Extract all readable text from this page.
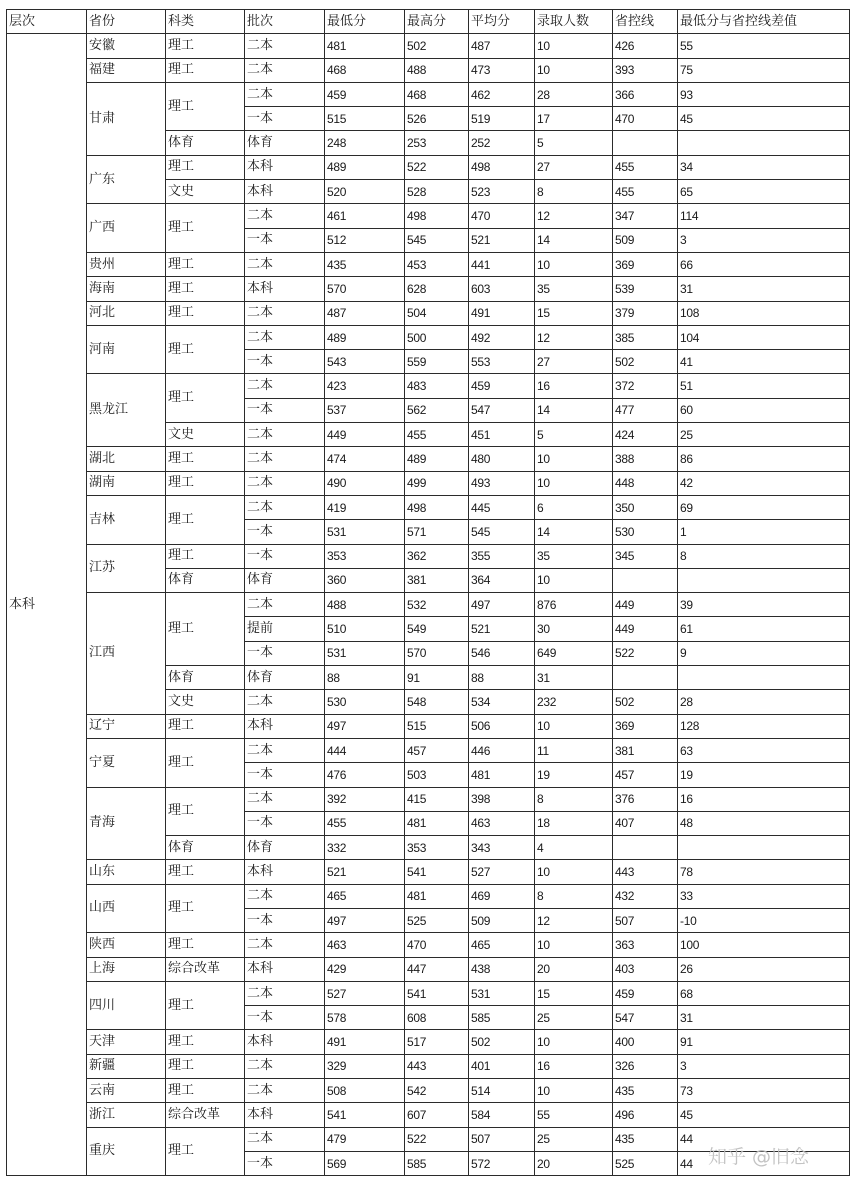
层次	省份	科类	批次	最低分	最高分	平均分	录取人数	省控线	最低分与省控线差值
本科	安徽	理工	二本	481	502	487	10	426	55
	福建	理工	二本	468	488	473	10	393	75
	甘肃	理工	二本	459	468	462	28	366	93
			一本	515	526	519	17	470	45
		体育	体育	248	253	252	5		
	广东	理工	本科	489	522	498	27	455	34
		文史	本科	520	528	523	8	455	65
	广西	理工	二本	461	498	470	12	347	114
			一本	512	545	521	14	509	3
	贵州	理工	二本	435	453	441	10	369	66
	海南	理工	本科	570	628	603	35	539	31
	河北	理工	二本	487	504	491	15	379	108
	河南	理工	二本	489	500	492	12	385	104
			一本	543	559	553	27	502	41
	黑龙江	理工	二本	423	483	459	16	372	51
			一本	537	562	547	14	477	60
		文史	二本	449	455	451	5	424	25
	湖北	理工	二本	474	489	480	10	388	86
	湖南	理工	二本	490	499	493	10	448	42
	吉林	理工	二本	419	498	445	6	350	69
			一本	531	571	545	14	530	1
	江苏	理工	一本	353	362	355	35	345	8
		体育	体育	360	381	364	10		
	江西	理工	二本	488	532	497	876	449	39
			提前	510	549	521	30	449	61
			一本	531	570	546	649	522	9
		体育	体育	88	91	88	31		
		文史	二本	530	548	534	232	502	28
	辽宁	理工	本科	497	515	506	10	369	128
	宁夏	理工	二本	444	457	446	11	381	63
			一本	476	503	481	19	457	19
	青海	理工	二本	392	415	398	8	376	16
			一本	455	481	463	18	407	48
		体育	体育	332	353	343	4		
	山东	理工	本科	521	541	527	10	443	78
	山西	理工	二本	465	481	469	8	432	33
			一本	497	525	509	12	507	-10
	陕西	理工	二本	463	470	465	10	363	100
	上海	综合改革	本科	429	447	438	20	403	26
	四川	理工	二本	527	541	531	15	459	68
			一本	578	608	585	25	547	31
	天津	理工	本科	491	517	502	10	400	91
	新疆	理工	二本	329	443	401	16	326	3
	云南	理工	二本	508	542	514	10	435	73
	浙江	综合改革	本科	541	607	584	55	496	45
	重庆	理工	二本	479	522	507	25	435	44
			一本	569	585	572	20	525	44 知乎 @旧念
